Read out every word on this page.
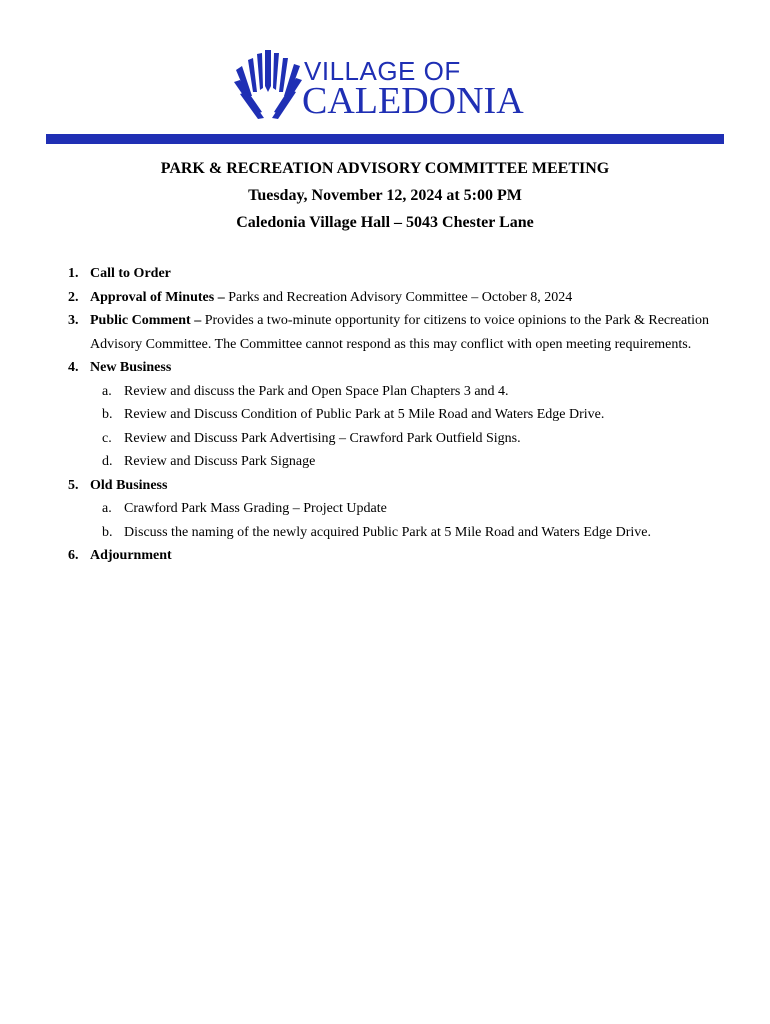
VILLAGE OF
CALEDONIA
PARK & RECREATION ADVISORY COMMITTEE MEETING
Tuesday, November 12, 2024 at 5:00 PM
Caledonia Village Hall – 5043 Chester Lane
1. Call to Order
2. Approval of Minutes – Parks and Recreation Advisory Committee – October 8, 2024
3. Public Comment – Provides a two-minute opportunity for citizens to voice opinions to the Park & Recreation Advisory Committee. The Committee cannot respond as this may conflict with open meeting requirements.
4. New Business
a. Review and discuss the Park and Open Space Plan Chapters 3 and 4.
b. Review and Discuss Condition of Public Park at 5 Mile Road and Waters Edge Drive.
c. Review and Discuss Park Advertising – Crawford Park Outfield Signs.
d. Review and Discuss Park Signage
5. Old Business
a. Crawford Park Mass Grading – Project Update
b. Discuss the naming of the newly acquired Public Park at 5 Mile Road and Waters Edge Drive.
6. Adjournment
